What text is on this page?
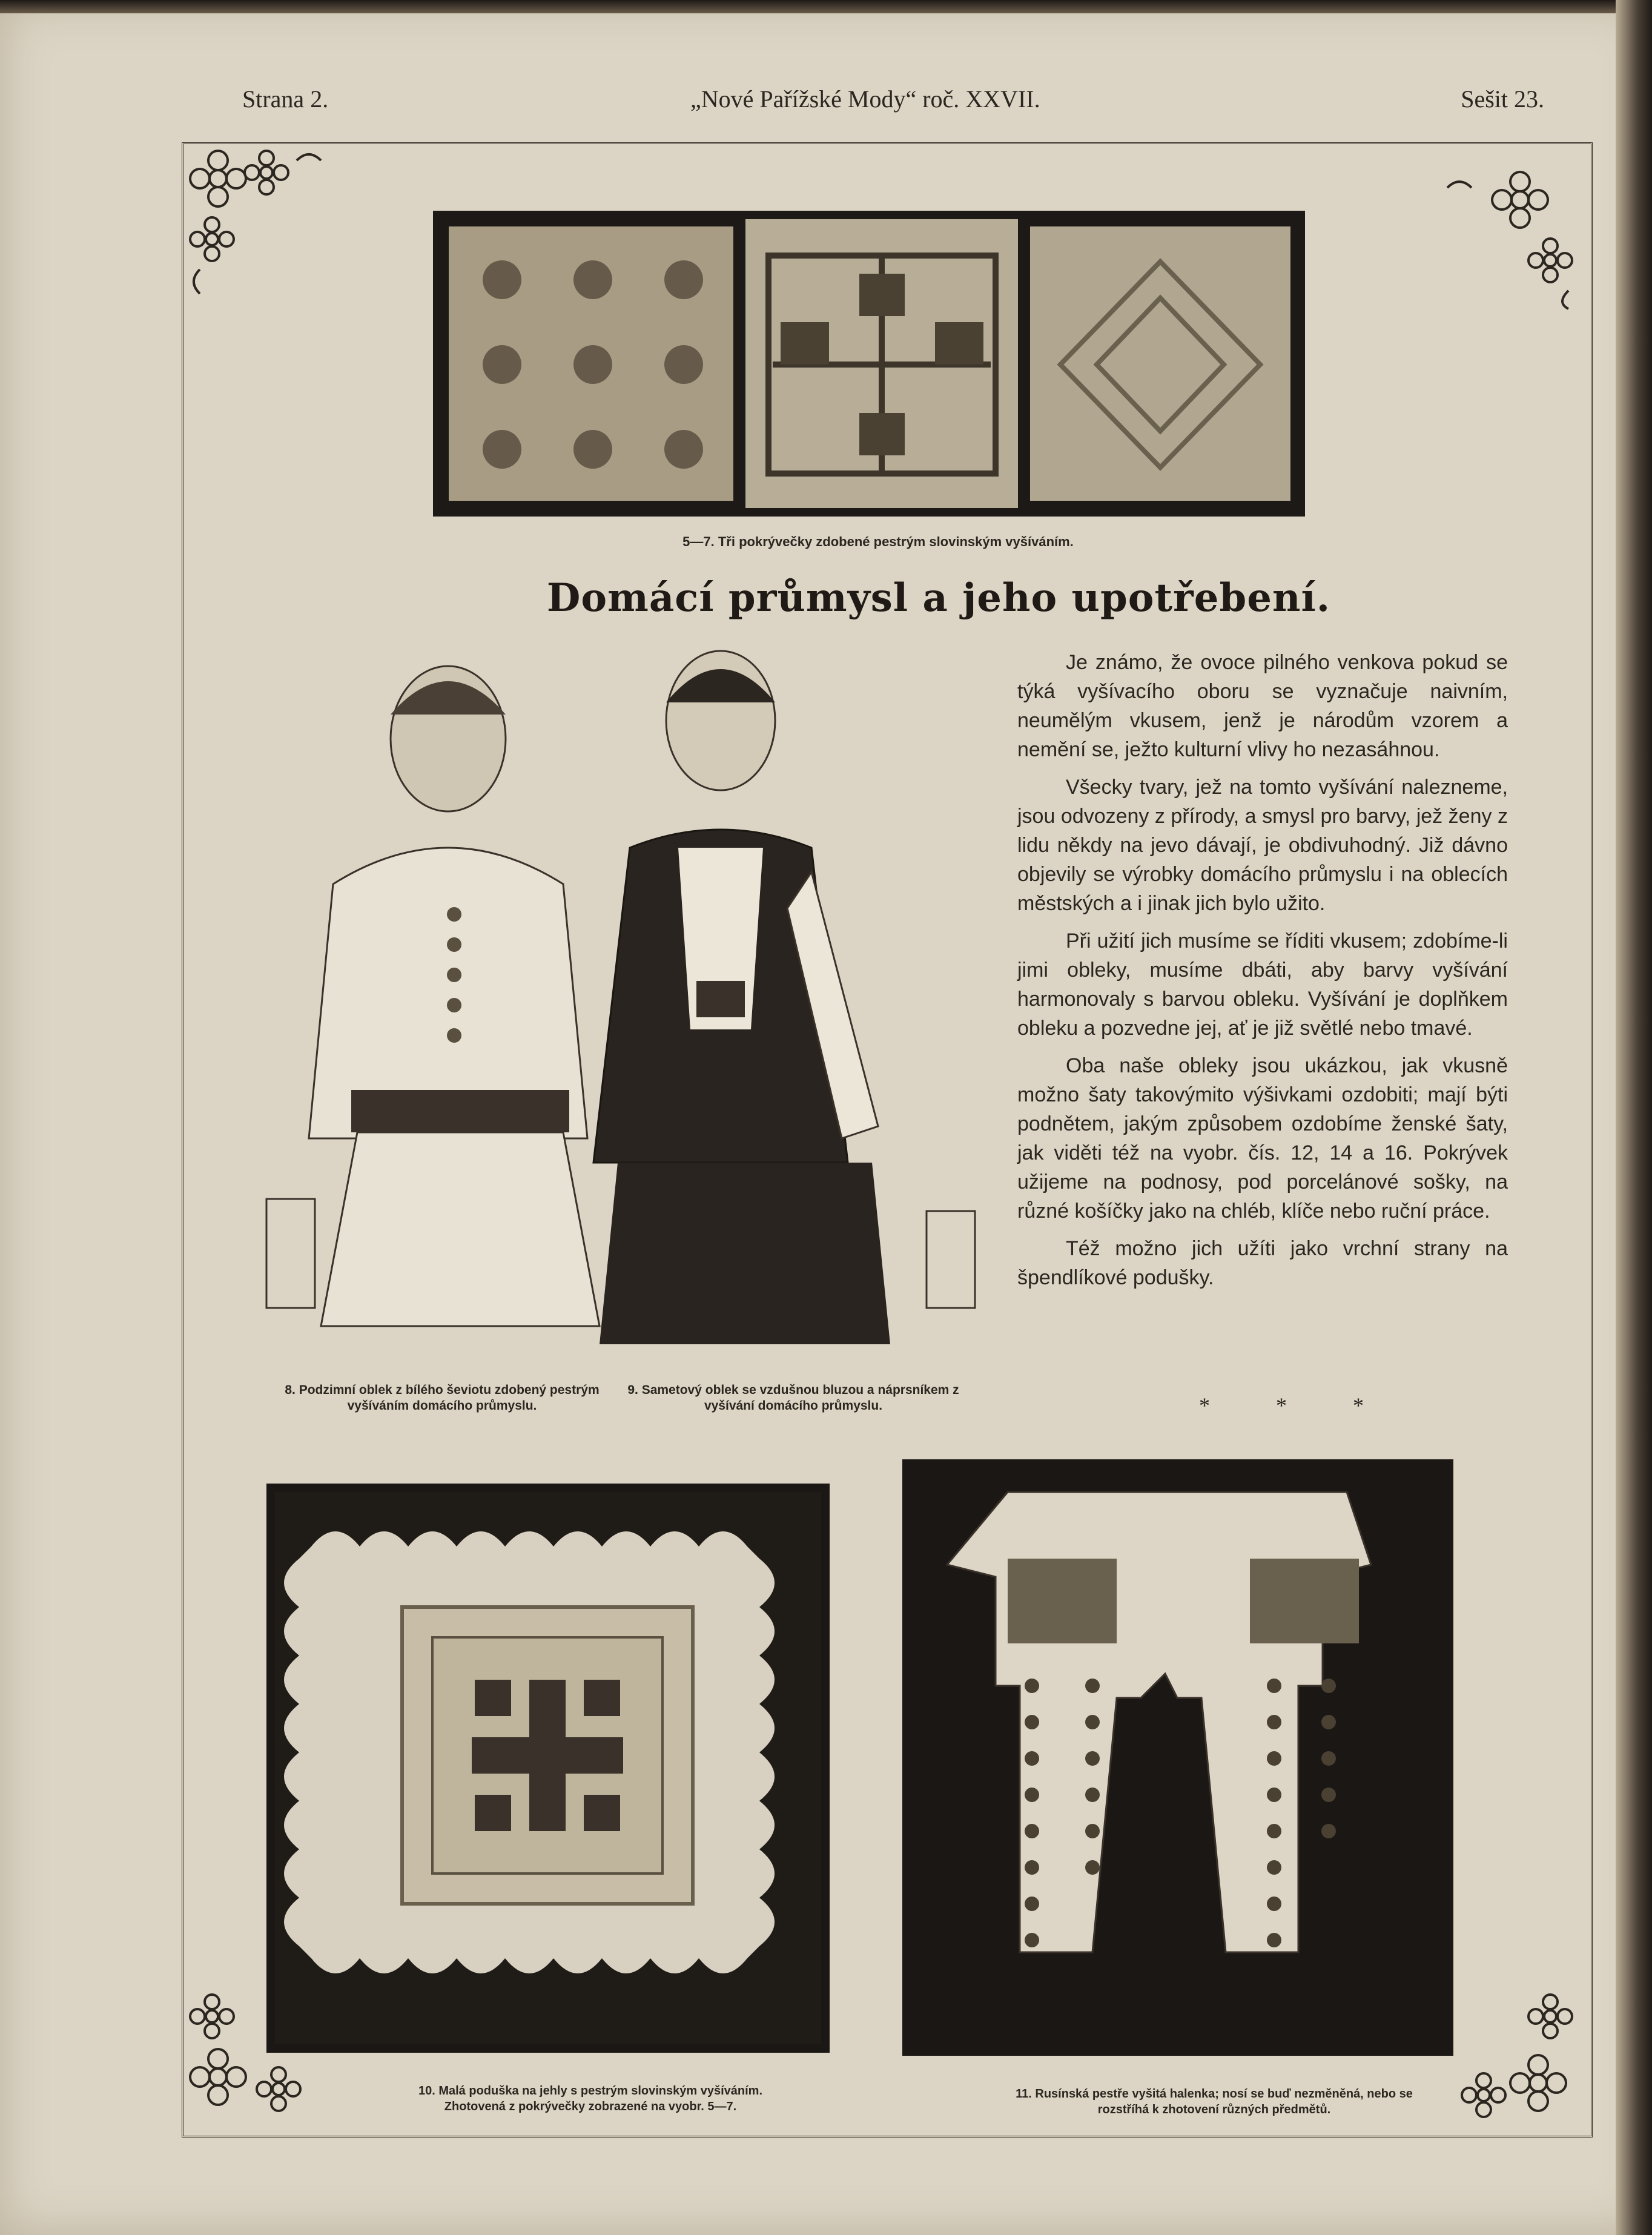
Strana 2.	„Nové Pařížské Mody“ roč. XXVII.	Sešit 23.
5—7. Tři pokrývečky zdobené pestrým slovinským vyšíváním.
Domácí průmysl a jeho upotřebení.
8. Podzimní oblek z bílého ševiotu zdobený pestrým vyšíváním domácího průmyslu.
9. Sametový oblek se vzdušnou bluzou a náprsníkem z vyšívání domácího průmyslu.

Je známo, že ovoce pilného venkova pokud se týká vyšívacího oboru se vyznačuje naivním, neumělým vkusem, jenž je národům vzorem a nemění se, ježto kulturní vlivy ho nezasáhnou.

Všecky tvary, jež na tomto vyšívání nalezneme, jsou odvozeny z přírody, a smysl pro barvy, jež ženy z lidu někdy na jevo dávají, je obdivuhodný. Již dávno objevily se výrobky domácího průmyslu i na oblecích městských a i jinak jich bylo užito.

Při užití jich musíme se říditi vkusem; zdobíme-li jimi obleky, musíme dbáti, aby barvy vyšívání harmonovaly s barvou obleku. Vyšívání je doplňkem obleku a pozvedne jej, ať je již světlé nebo tmavé.

Oba naše obleky jsou ukázkou, jak vkusně možno šaty takovýmito výšivkami ozdobiti; mají býti podnětem, jakým způsobem ozdobíme ženské šaty, jak viděti též na vyobr. čís. 12, 14 a 16. Pokrývek užijeme na podnosy, pod porcelánové sošky, na různé košíčky jako na chléb, klíče nebo ruční práce.

Též možno jich užíti jako vrchní strany na špendlíkové podušky.

* * *
10. Malá poduška na jehly s pestrým slovinským vyšíváním. Zhotovená z pokrývečky zobrazené na vyobr. 5—7.
11. Rusínská pestře vyšitá halenka; nosí se buď nezměněná, nebo se rozstříhá k zhotovení různých předmětů.
